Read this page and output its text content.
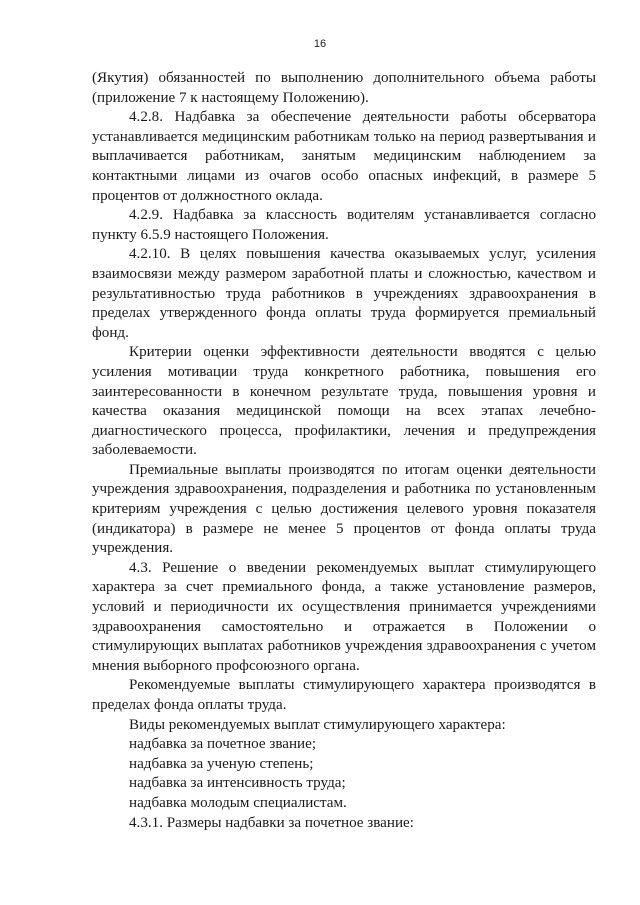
16

(Якутия) обязанностей по выполнению дополнительного объема работы (приложение 7 к настоящему Положению).

4.2.8. Надбавка за обеспечение деятельности работы обсерватора устанавливается медицинским работникам только на период развертывания и выплачивается работникам, занятым медицинским наблюдением за контактными лицами из очагов особо опасных инфекций, в размере 5 процентов от должностного оклада.

4.2.9. Надбавка за классность водителям устанавливается согласно пункту 6.5.9 настоящего Положения.

4.2.10. В целях повышения качества оказываемых услуг, усиления взаимосвязи между размером заработной платы и сложностью, качеством и результативностью труда работников в учреждениях здравоохранения в пределах утвержденного фонда оплаты труда формируется премиальный фонд.

Критерии оценки эффективности деятельности вводятся с целью усиления мотивации труда конкретного работника, повышения его заинтересованности в конечном результате труда, повышения уровня и качества оказания медицинской помощи на всех этапах лечебно-диагностического процесса, профилактики, лечения и предупреждения заболеваемости.

Премиальные выплаты производятся по итогам оценки деятельности учреждения здравоохранения, подразделения и работника по установленным критериям учреждения с целью достижения целевого уровня показателя (индикатора) в размере не менее 5 процентов от фонда оплаты труда учреждения.

4.3. Решение о введении рекомендуемых выплат стимулирующего характера за счет премиального фонда, а также установление размеров, условий и периодичности их осуществления принимается учреждениями здравоохранения самостоятельно и отражается в Положении о стимулирующих выплатах работников учреждения здравоохранения с учетом мнения выборного профсоюзного органа.

Рекомендуемые выплаты стимулирующего характера производятся в пределах фонда оплаты труда.

Виды рекомендуемых выплат стимулирующего характера:

надбавка за почетное звание;

надбавка за ученую степень;

надбавка за интенсивность труда;

надбавка молодым специалистам.

4.3.1. Размеры надбавки за почетное звание:
